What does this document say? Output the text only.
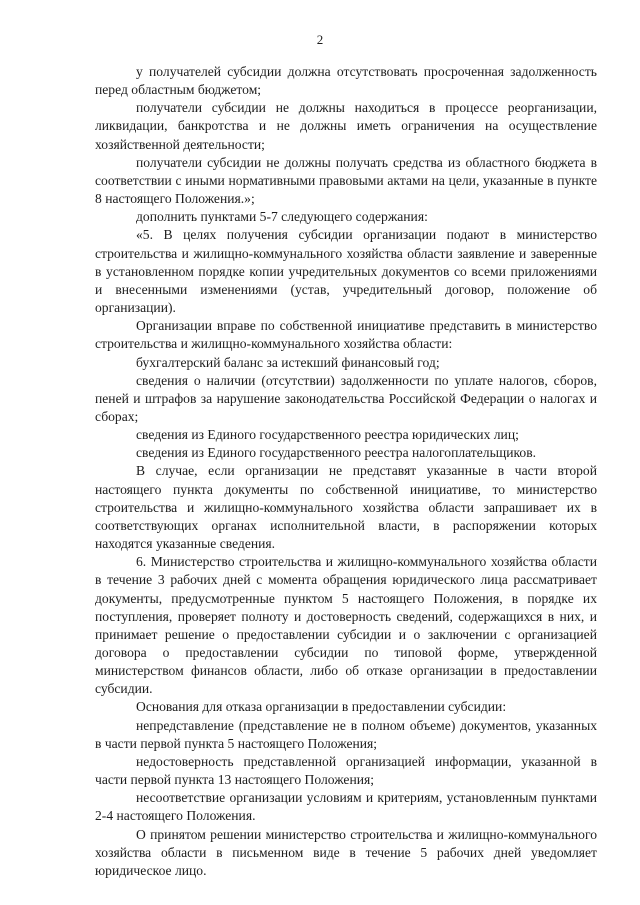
2

у получателей субсидии должна отсутствовать просроченная задолженность перед областным бюджетом;

получатели субсидии не должны находиться в процессе реорганизации, ликвидации, банкротства и не должны иметь ограничения на осуществление хозяйственной деятельности;

получатели субсидии не должны получать средства из областного бюджета в соответствии с иными нормативными правовыми актами на цели, указанные в пункте 8 настоящего Положения.»;

дополнить пунктами 5-7 следующего содержания:

«5. В целях получения субсидии организации подают в министерство строительства и жилищно-коммунального хозяйства области заявление и заверенные в установленном порядке копии учредительных документов со всеми приложениями и внесенными изменениями (устав, учредительный договор, положение об организации).

Организации вправе по собственной инициативе представить в министерство строительства и жилищно-коммунального хозяйства области:

бухгалтерский баланс за истекший финансовый год;

сведения о наличии (отсутствии) задолженности по уплате налогов, сборов, пеней и штрафов за нарушение законодательства Российской Федерации о налогах и сборах;

сведения из Единого государственного реестра юридических лиц;

сведения из Единого государственного реестра налогоплательщиков.

В случае, если организации не представят указанные в части второй настоящего пункта документы по собственной инициативе, то министерство строительства и жилищно-коммунального хозяйства области запрашивает их в соответствующих органах исполнительной власти, в распоряжении которых находятся указанные сведения.

6. Министерство строительства и жилищно-коммунального хозяйства области в течение 3 рабочих дней с момента обращения юридического лица рассматривает документы, предусмотренные пунктом 5 настоящего Положения, в порядке их поступления, проверяет полноту и достоверность сведений, содержащихся в них, и принимает решение о предоставлении субсидии и о заключении с организацией договора о предоставлении субсидии по типовой форме, утвержденной министерством финансов области, либо об отказе организации в предоставлении субсидии.

Основания для отказа организации в предоставлении субсидии:

непредставление (представление не в полном объеме) документов, указанных в части первой пункта 5 настоящего Положения;

недостоверность представленной организацией информации, указанной в части первой пункта 13 настоящего Положения;

несоответствие организации условиям и критериям, установленным пунктами 2-4 настоящего Положения.

О принятом решении министерство строительства и жилищно-коммунального хозяйства области в письменном виде в течение 5 рабочих дней уведомляет юридическое лицо.
